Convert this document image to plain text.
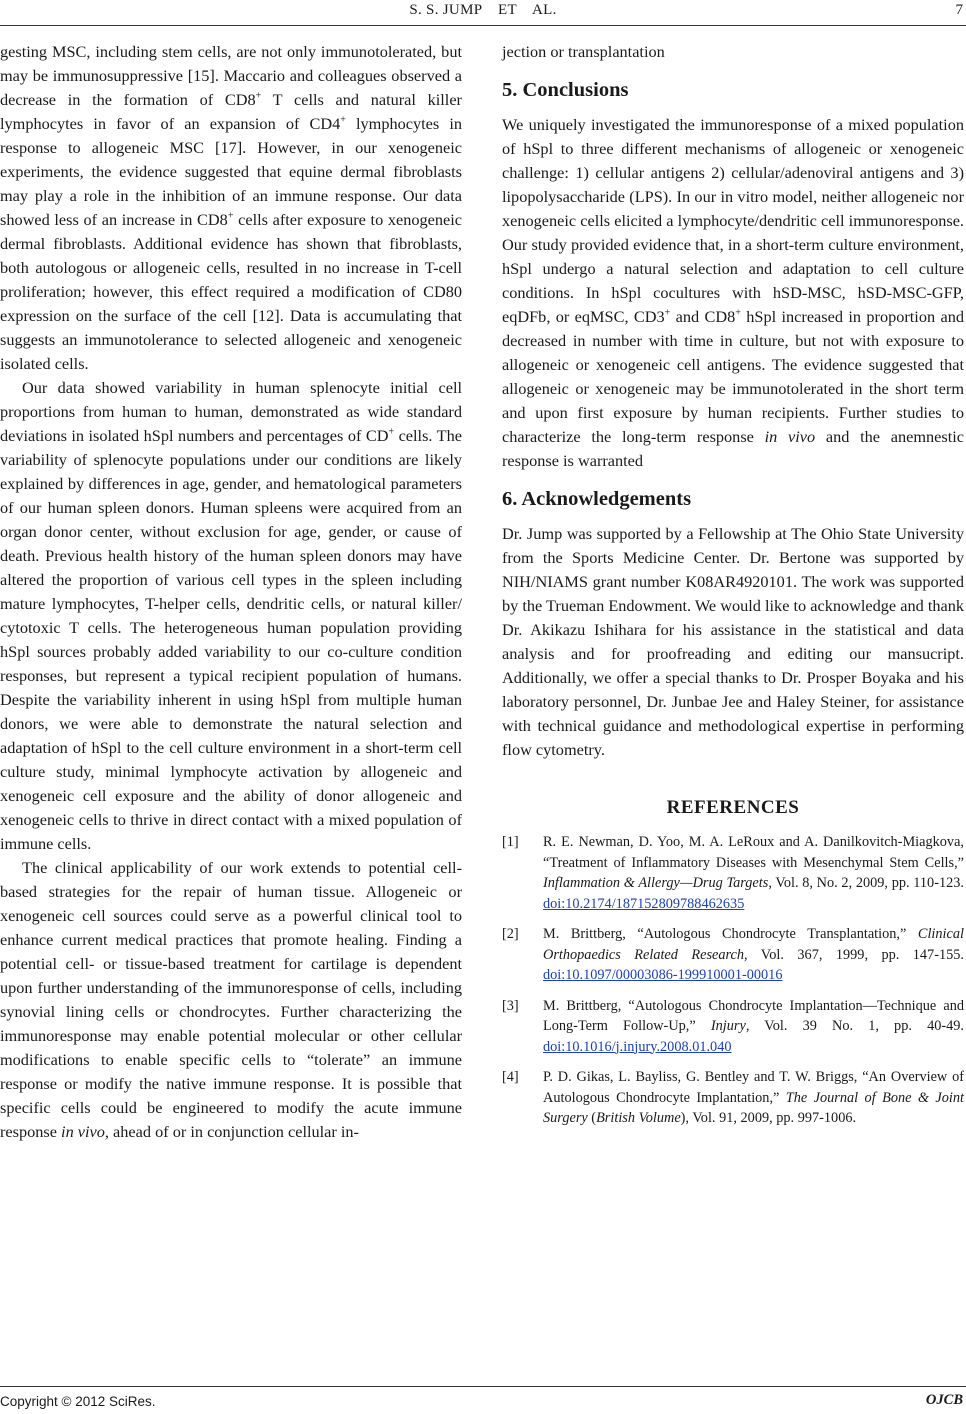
S. S. JUMP    ET    AL.	7

gesting MSC, including stem cells, are not only immunotolerated, but may be immunosuppressive [15]. Maccario and colleagues observed a decrease in the formation of CD8+ T cells and natural killer lymphocytes in favor of an expansion of CD4+ lymphocytes in response to allogeneic MSC [17]. However, in our xenogeneic experiments, the evidence suggested that equine dermal fibroblasts may play a role in the inhibition of an immune response. Our data showed less of an increase in CD8+ cells after exposure to xenogeneic dermal fibroblasts. Additional evidence has shown that fibroblasts, both autologous or allogeneic cells, resulted in no increase in T-cell proliferation; however, this effect required a modification of CD80 expression on the surface of the cell [12]. Data is accumulating that suggests an immunotolerance to selected allogeneic and xenogeneic isolated cells.

Our data showed variability in human splenocyte initial cell proportions from human to human, demonstrated as wide standard deviations in isolated hSpl numbers and percentages of CD+ cells. The variability of splenocyte populations under our conditions are likely explained by differences in age, gender, and hematological parameters of our human spleen donors. Human spleens were acquired from an organ donor center, without exclusion for age, gender, or cause of death. Previous health history of the human spleen donors may have altered the proportion of various cell types in the spleen including mature lymphocytes, T-helper cells, dendritic cells, or natural killer/ cytotoxic T cells. The heterogeneous human population providing hSpl sources probably added variability to our co-culture condition responses, but represent a typical recipient population of humans. Despite the variability inherent in using hSpl from multiple human donors, we were able to demonstrate the natural selection and adaptation of hSpl to the cell culture environment in a short-term cell culture study, minimal lymphocyte activation by allogeneic and xenogeneic cell exposure and the ability of donor allogeneic and xenogeneic cells to thrive in direct contact with a mixed population of immune cells.

The clinical applicability of our work extends to potential cell-based strategies for the repair of human tissue. Allogeneic or xenogeneic cell sources could serve as a powerful clinical tool to enhance current medical practices that promote healing. Finding a potential cell- or tissue-based treatment for cartilage is dependent upon further understanding of the immunoresponse of cells, including synovial lining cells or chondrocytes. Further characterizing the immunoresponse may enable potential molecular or other cellular modifications to enable specific cells to “tolerate” an immune response or modify the native immune response. It is possible that specific cells could be engineered to modify the acute immune response in vivo, ahead of or in conjunction cellular in-

jection or transplantation

5. Conclusions

We uniquely investigated the immunoresponse of a mixed population of hSpl to three different mechanisms of allogeneic or xenogeneic challenge: 1) cellular antigens 2) cellular/adenoviral antigens and 3) lipopolysaccharide (LPS). In our in vitro model, neither allogeneic nor xenogeneic cells elicited a lymphocyte/dendritic cell immunoresponse. Our study provided evidence that, in a short-term culture environment, hSpl undergo a natural selection and adaptation to cell culture conditions. In hSpl cocultures with hSD-MSC, hSD-MSC-GFP, eqDFb, or eqMSC, CD3+ and CD8+ hSpl increased in proportion and decreased in number with time in culture, but not with exposure to allogeneic or xenogeneic cell antigens. The evidence suggested that allogeneic or xenogeneic may be immunotolerated in the short term and upon first exposure by human recipients. Further studies to characterize the long-term response in vivo and the anemnestic response is warranted

6. Acknowledgements

Dr. Jump was supported by a Fellowship at The Ohio State University from the Sports Medicine Center. Dr. Bertone was supported by NIH/NIAMS grant number K08AR4920101. The work was supported by the Trueman Endowment. We would like to acknowledge and thank Dr. Akikazu Ishihara for his assistance in the statistical and data analysis and for proofreading and editing our mansucript. Additionally, we offer a special thanks to Dr. Prosper Boyaka and his laboratory personnel, Dr. Junbae Jee and Haley Steiner, for assistance with technical guidance and methodological expertise in performing flow cytometry.

REFERENCES
[1]	R. E. Newman, D. Yoo, M. A. LeRoux and A. Danilkovitch-Miagkova, “Treatment of Inflammatory Diseases with Mesenchymal Stem Cells,” Inflammation & Allergy—Drug Targets, Vol. 8, No. 2, 2009, pp. 110-123. doi:10.2174/187152809788462635
[2]	M. Brittberg, “Autologous Chondrocyte Transplantation,” Clinical Orthopaedics Related Research, Vol. 367, 1999, pp. 147-155. doi:10.1097/00003086-199910001-00016
[3]	M. Brittberg, “Autologous Chondrocyte Implantation—Technique and Long-Term Follow-Up,” Injury, Vol. 39 No. 1, pp. 40-49. doi:10.1016/j.injury.2008.01.040
[4]	P. D. Gikas, L. Bayliss, G. Bentley and T. W. Briggs, “An Overview of Autologous Chondrocyte Implantation,” The Journal of Bone & Joint Surgery (British Volume), Vol. 91, 2009, pp. 997-1006.
Copyright © 2012 SciRes.	OJCB
